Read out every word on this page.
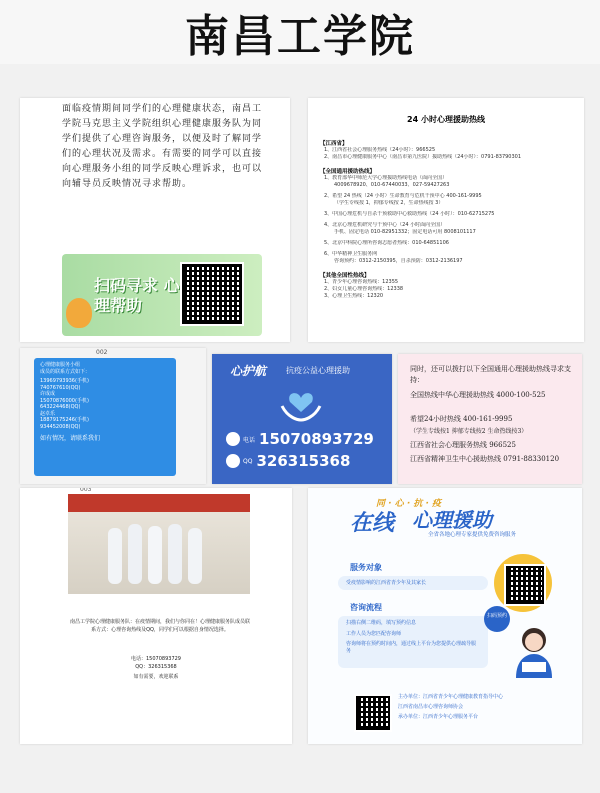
南昌工学院
面临疫情期间同学们的心理健康状态，南昌工学院马克思主义学院组织心理健康服务队为同学们提供了心理咨询服务，以便及时了解同学们的心理状况及需求。有需要的同学可以直接向心理服务小组的同学反映心理诉求，也可以向辅导员反映情况寻求帮助。
扫码寻求 心理帮助
24 小时心理援助热线
【江西省】
1、江西省社会心理服务热线（24小时）：966525
2、南昌市心理健康服务中心（南昌市第九医院）援助热线（24小时）：0791-83790301
【全国通用援助热线】
1、教育部华中师范大学心理援助热线电话（面向全国）
4009678920、010-67440033、027-59427263
2、希望 24 热线（24 小时）生命教育与危机干预中心 400-161-9995
（学生专线按 1，抑郁专线按 2，生命热线按 3）
3、中国心理危机与自杀干预救助中心救助热线（24 小时）：010-62715275
4、北京心理危机研究与干预中心（24 小时面向全国）
手机、固定电话 010-82951332；固定电话可用 8008101117
5、北京中科院心理所咨询志愿者热线：010-64851106
6、中华精神卫生服务网
咨询预约：0312-2150395，自杀预防：0312-2136197
【其他全国性热线】
1、青少年心理咨询热线：12355
2、妇女儿童心理咨询热线：12338
3、心理卫生热线：12320
002
心理健康服务小组
成员的联系方式如下：
13969793936(手机)
740767610(QQ)
许成成
15070876000(手机)
643224468(QQ)
赵卓乐
18879175246(手机)
934452008(QQ)
如有情况，请联系我们
心护航 抗疫公益心理援助
电话 15070893729
QQ 326315368
同时，还可以拨打以下全国通用心理援助热线寻求支持：
全国热线中华心理援助热线 4000-100-525
希望24小时热线 400-161-9995
（学生专线按1 抑郁专线按2 生命热线按3）
江西省社会心理服务热线 966525
江西省精神卫生中心援助热线 0791-88330120
003
南昌工学院心理健康服务队：在疫情期间，我们与你同在！心理健康服务队成员联系方式：心理咨询热线及QQ，同学们可以根据自身情况选择。
电话：15070893729
QQ：326315368
如有需要，欢迎联系
同 · 心 · 抗 · 疫
在线 心理援助
全省各地心理专家提供免费咨询服务
服务对象
受疫情影响的江西省青少年及其家长
咨询流程
扫描右侧二维码，填写预约信息
工作人员为您匹配咨询师
咨询师将在预约时间内，通过线上平台为您提供心理疏导服务
扫码预约
主办单位：江西省青少年心理健康教育指导中心
江西省南昌市心理咨询师协会
承办单位：江西青少年心理服务平台
